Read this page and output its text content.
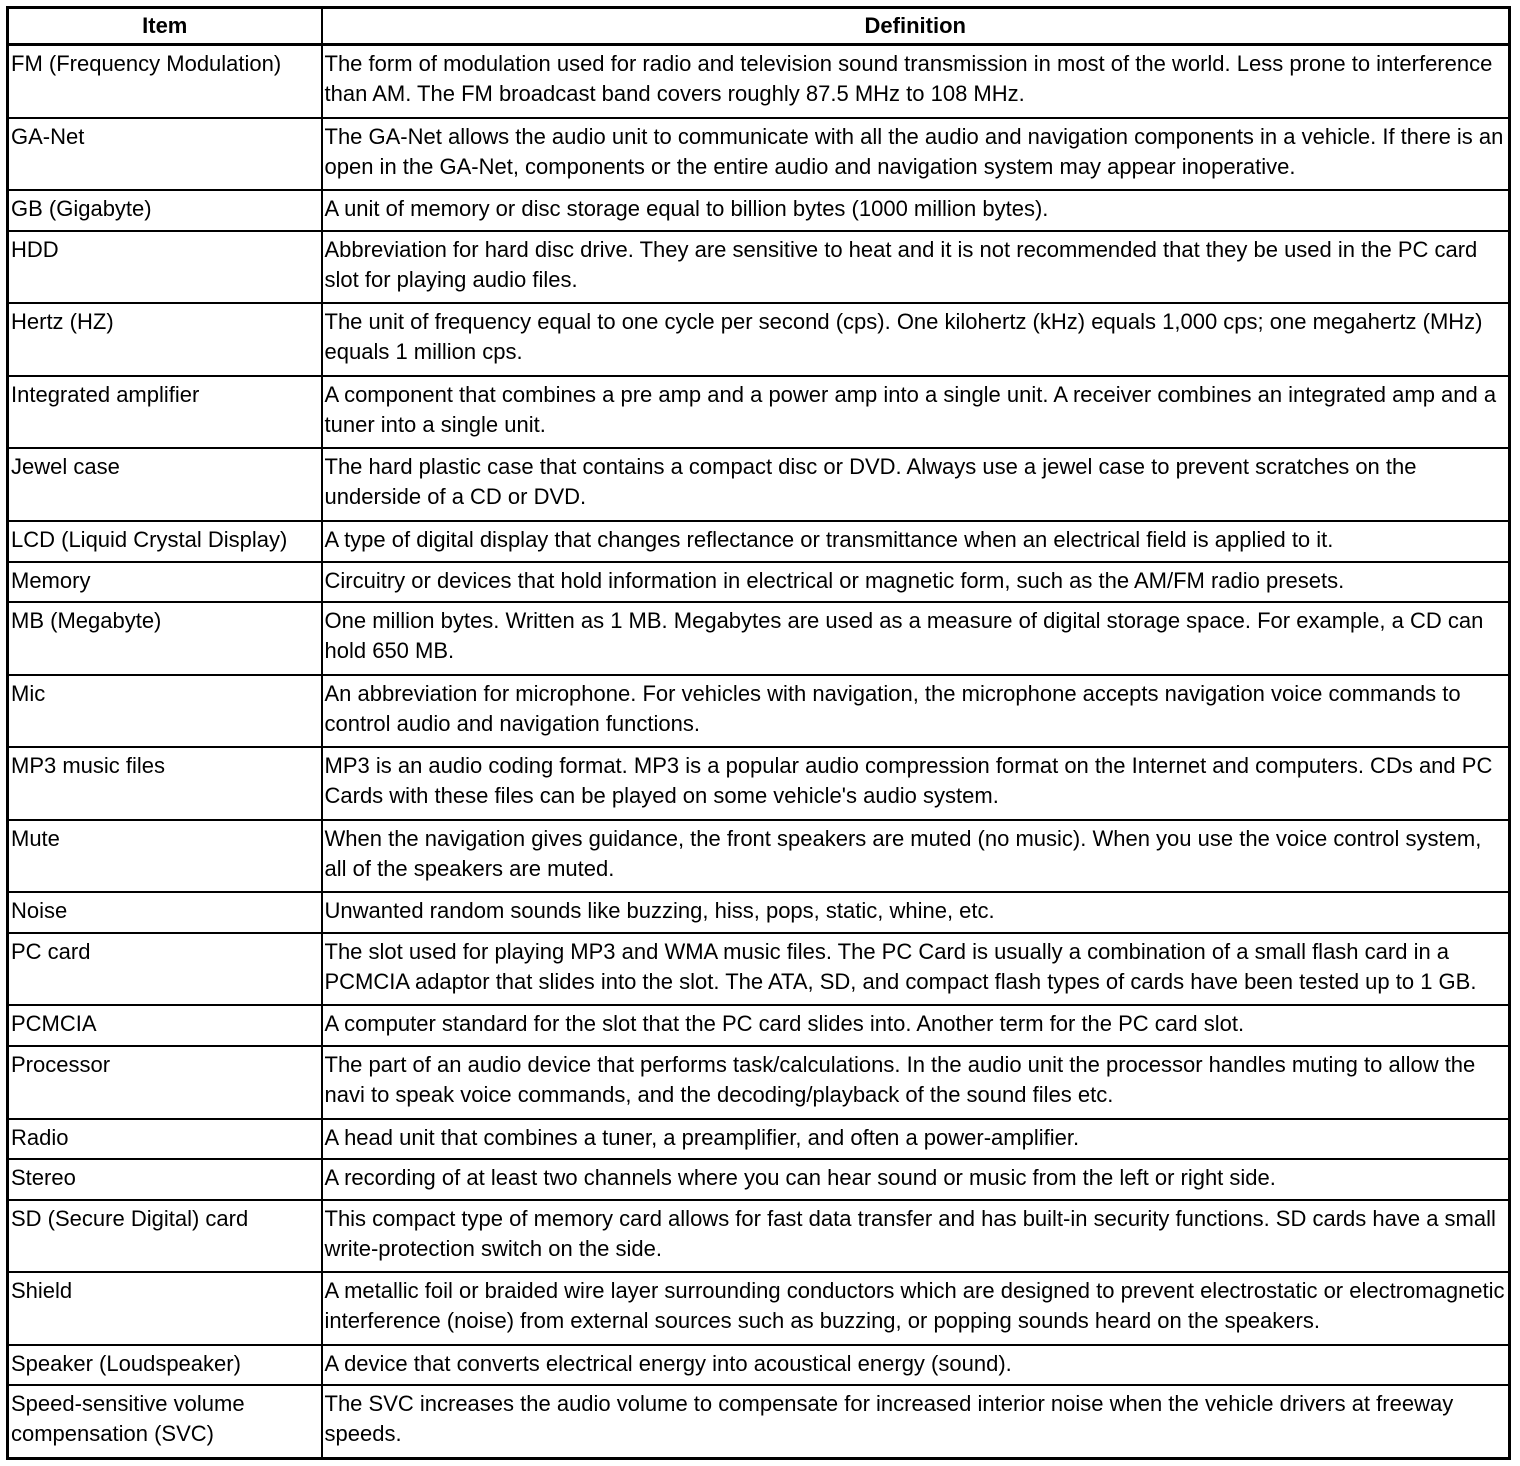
Item	Definition
FM (Frequency Modulation)	The form of modulation used for radio and television sound transmission in most of the world. Less prone to interference than AM. The FM broadcast band covers roughly 87.5 MHz to 108 MHz.
GA-Net	The GA-Net allows the audio unit to communicate with all the audio and navigation components in a vehicle. If there is an open in the GA-Net, components or the entire audio and navigation system may appear inoperative.
GB (Gigabyte)	A unit of memory or disc storage equal to billion bytes (1000 million bytes).
HDD	Abbreviation for hard disc drive. They are sensitive to heat and it is not recommended that they be used in the PC card slot for playing audio files.
Hertz (HZ)	The unit of frequency equal to one cycle per second (cps). One kilohertz (kHz) equals 1,000 cps; one megahertz (MHz) equals 1 million cps.
Integrated amplifier	A component that combines a pre amp and a power amp into a single unit. A receiver combines an integrated amp and a tuner into a single unit.
Jewel case	The hard plastic case that contains a compact disc or DVD. Always use a jewel case to prevent scratches on the underside of a CD or DVD.
LCD (Liquid Crystal Display)	A type of digital display that changes reflectance or transmittance when an electrical field is applied to it.
Memory	Circuitry or devices that hold information in electrical or magnetic form, such as the AM/FM radio presets.
MB (Megabyte)	One million bytes. Written as 1 MB. Megabytes are used as a measure of digital storage space. For example, a CD can hold 650 MB.
Mic	An abbreviation for microphone. For vehicles with navigation, the microphone accepts navigation voice commands to control audio and navigation functions.
MP3 music files	MP3 is an audio coding format. MP3 is a popular audio compression format on the Internet and computers. CDs and PC Cards with these files can be played on some vehicle's audio system.
Mute	When the navigation gives guidance, the front speakers are muted (no music). When you use the voice control system, all of the speakers are muted.
Noise	Unwanted random sounds like buzzing, hiss, pops, static, whine, etc.
PC card	The slot used for playing MP3 and WMA music files. The PC Card is usually a combination of a small flash card in a PCMCIA adaptor that slides into the slot. The ATA, SD, and compact flash types of cards have been tested up to 1 GB.
PCMCIA	A computer standard for the slot that the PC card slides into. Another term for the PC card slot.
Processor	The part of an audio device that performs task/calculations. In the audio unit the processor handles muting to allow the navi to speak voice commands, and the decoding/playback of the sound files etc.
Radio	A head unit that combines a tuner, a preamplifier, and often a power-amplifier.
Stereo	A recording of at least two channels where you can hear sound or music from the left or right side.
SD (Secure Digital) card	This compact type of memory card allows for fast data transfer and has built-in security functions. SD cards have a small write-protection switch on the side.
Shield	A metallic foil or braided wire layer surrounding conductors which are designed to prevent electrostatic or electromagnetic interference (noise) from external sources such as buzzing, or popping sounds heard on the speakers.
Speaker (Loudspeaker)	A device that converts electrical energy into acoustical energy (sound).
Speed-sensitive volume compensation (SVC)	The SVC increases the audio volume to compensate for increased interior noise when the vehicle drivers at freeway speeds.
